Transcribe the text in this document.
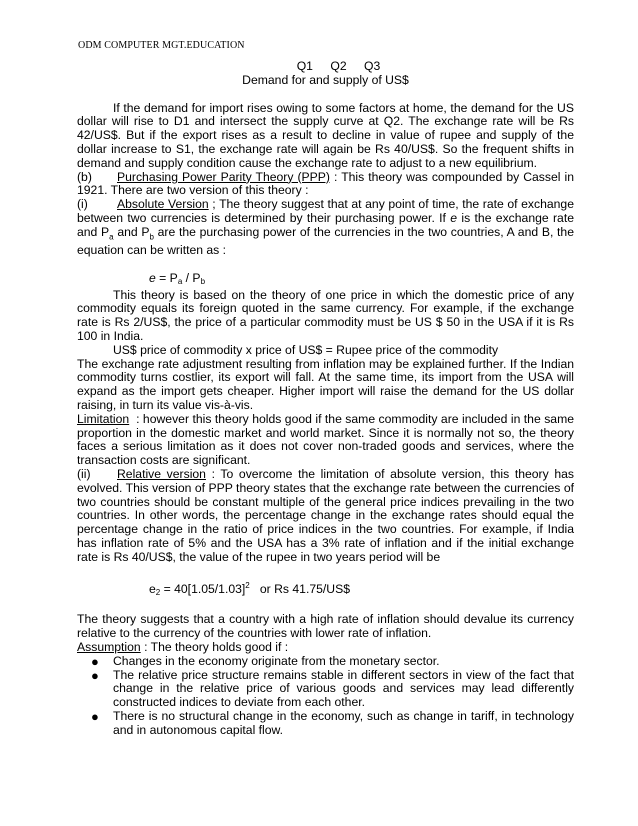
ODM COMPUTER MGT.EDUCATION
Q1 Q2 Q3
Demand for and supply of US$
If the demand for import rises owing to some factors at home, the demand for the US dollar will rise to D1 and intersect the supply curve at Q2. The exchange rate will be Rs 42/US$. But if the export rises as a result to decline in value of rupee and supply of the dollar increase to S1, the exchange rate will again be Rs 40/US$. So the frequent shifts in demand and supply condition cause the exchange rate to adjust to a new equilibrium.
(b) Purchasing Power Parity Theory (PPP) : This theory was compounded by Cassel in 1921. There are two version of this theory :
(i) Absolute Version ; The theory suggest that at any point of time, the rate of exchange between two currencies is determined by their purchasing power. If e is the exchange rate and $P_a$ and $P_b$ are the purchasing power of the currencies in the two countries, A and B, the equation can be written as :
$e = P_a / P_b$
This theory is based on the theory of one price in which the domestic price of any commodity equals its foreign quoted in the same currency. For example, if the exchange rate is Rs 2/US$, the price of a particular commodity must be US $ 50 in the USA if it is Rs 100 in India.
US$ price of commodity x price of US$ = Rupee price of the commodity
The exchange rate adjustment resulting from inflation may be explained further. If the Indian commodity turns costlier, its export will fall. At the same time, its import from the USA will expand as the import gets cheaper. Higher import will raise the demand for the US dollar raising, in turn its value vis-à-vis.
Limitation : however this theory holds good if the same commodity are included in the same proportion in the domestic market and world market. Since it is normally not so, the theory faces a serious limitation as it does not cover non-traded goods and services, where the transaction costs are significant.
(ii) Relative version : To overcome the limitation of absolute version, this theory has evolved. This version of PPP theory states that the exchange rate between the currencies of two countries should be constant multiple of the general price indices prevailing in the two countries. In other words, the percentage change in the exchange rates should equal the percentage change in the ratio of price indices in the two countries. For example, if India has inflation rate of 5% and the USA has a 3% rate of inflation and if the initial exchange rate is Rs 40/US$, the value of the rupee in two years period will be
$e_2 = 40[1.05/1.03]^2$   or Rs 41.75/US$
The theory suggests that a country with a high rate of inflation should devalue its currency relative to the currency of the countries with lower rate of inflation.
Assumption : The theory holds good if :
● Changes in the economy originate from the monetary sector.
● The relative price structure remains stable in different sectors in view of the fact that change in the relative price of various goods and services may lead differently constructed indices to deviate from each other.
● There is no structural change in the economy, such as change in tariff, in technology and in autonomous capital flow.
